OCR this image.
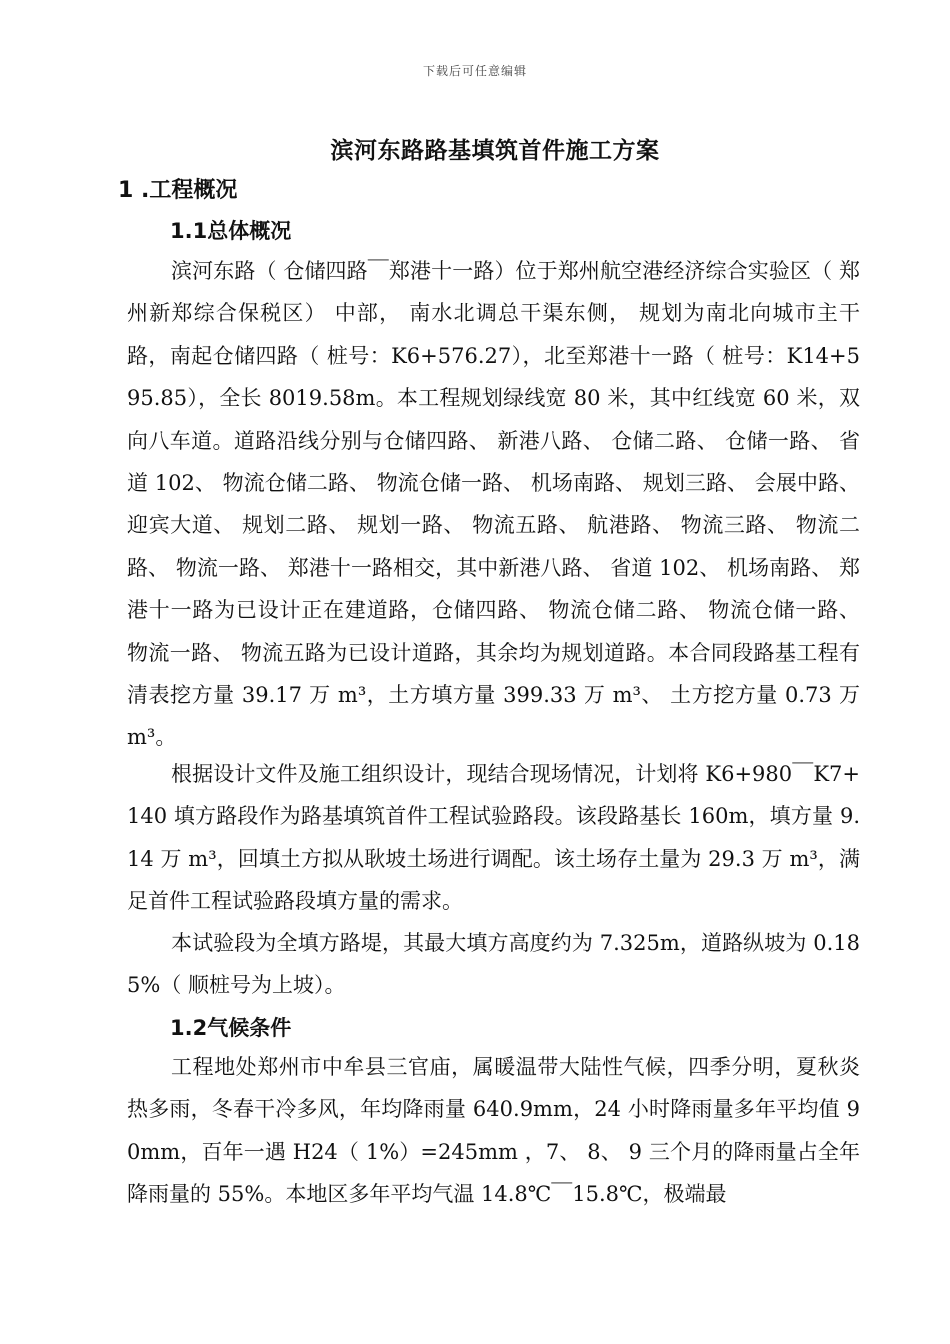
下载后可任意编辑
滨河东路路基填筑首件施工方案
1 .工程概况
1.1总体概况

滨河东路（ 仓储四路￣郑港十一路）位于郑州航空港经济综合实验区（ 郑州新郑综合保税区） 中部， 南水北调总干渠东侧， 规划为南北向城市主干路，南起仓储四路（ 桩号：K6+576.27），北至郑港十一路（ 桩号：K14+595.85），全长 8019.58m。本工程规划绿线宽 80 米，其中红线宽 60 米，双向八车道。道路沿线分别与仓储四路、 新港八路、 仓储二路、 仓储一路、 省道 102、 物流仓储二路、 物流仓储一路、 机场南路、 规划三路、 会展中路、 迎宾大道、 规划二路、 规划一路、 物流五路、 航港路、 物流三路、 物流二路、 物流一路、 郑港十一路相交，其中新港八路、 省道 102、 机场南路、 郑港十一路为已设计正在建道路，仓储四路、 物流仓储二路、 物流仓储一路、 物流一路、 物流五路为已设计道路，其余均为规划道路。本合同段路基工程有清表挖方量 39.17 万 m³，土方填方量 399.33 万 m³、 土方挖方量 0.73 万 m³。

根据设计文件及施工组织设计，现结合现场情况，计划将 K6+980￣K7+140 填方路段作为路基填筑首件工程试验路段。该段路基长 160m，填方量 9.14 万 m³，回填土方拟从耿坡土场进行调配。该土场存土量为 29.3 万 m³，满足首件工程试验路段填方量的需求。

本试验段为全填方路堤，其最大填方高度约为 7.325m，道路纵坡为 0.185%（ 顺桩号为上坡）。

1.2气候条件

工程地处郑州市中牟县三官庙，属暖温带大陆性气候，四季分明，夏秋炎热多雨，冬春干冷多风，年均降雨量 640.9mm，24 小时降雨量多年平均值 90mm，百年一遇 H24（ 1%）=245mm ，7、 8、 9 三个月的降雨量占全年降雨量的 55%。本地区多年平均气温 14.8℃￣15.8℃，极端最
